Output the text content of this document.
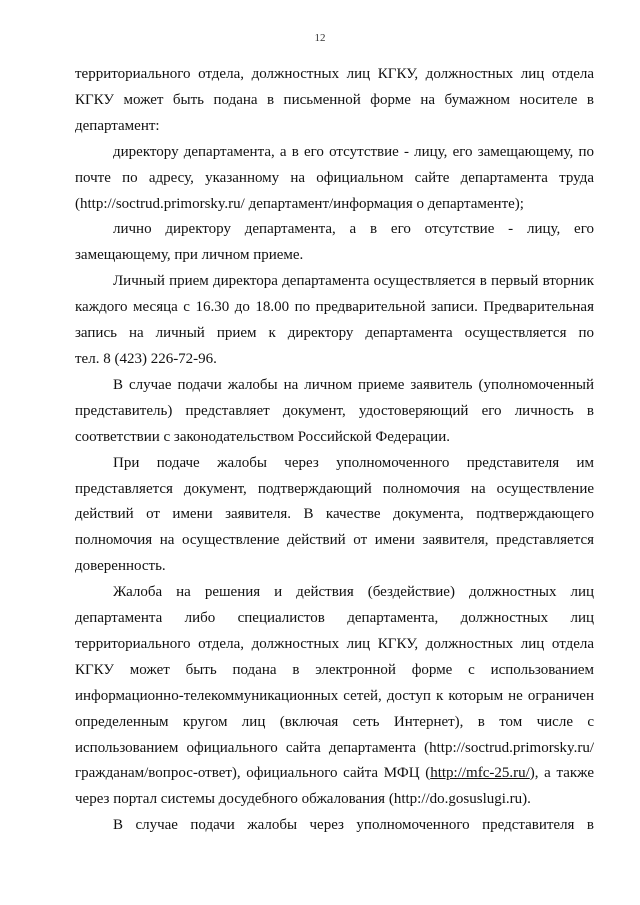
12

территориального отдела, должностных лиц КГКУ, должностных лиц отдела

КГКУ может быть подана в письменной форме на бумажном носителе в

департамент:

директору департамента, а в его отсутствие - лицу, его замещающему, по

почте по адресу, указанному на официальном сайте департамента труда

(http://soctrud.primorsky.ru/ департамент/информация о департаменте);

лично директору департамента, а в его отсутствие - лицу, его

замещающему, при личном приеме.

Личный прием директора департамента осуществляется в первый вторник

каждого месяца с 16.30 до 18.00 по предварительной записи. Предварительная

запись на личный прием к директору департамента осуществляется по

тел. 8 (423) 226-72-96.

В случае подачи жалобы на личном приеме заявитель (уполномоченный

представитель) представляет документ, удостоверяющий его личность в

соответствии с законодательством Российской Федерации.

При подаче жалобы через уполномоченного представителя им

представляется документ, подтверждающий полномочия на осуществление

действий от имени заявителя. В качестве документа, подтверждающего

полномочия на осуществление действий от имени заявителя, представляется

доверенность.

Жалоба на решения и действия (бездействие) должностных лиц

департамента либо специалистов департамента, должностных лиц

территориального отдела, должностных лиц КГКУ, должностных лиц отдела

КГКУ может быть подана в электронной форме с использованием

информационно-телекоммуникационных сетей, доступ к которым не ограничен

определенным кругом лиц (включая сеть Интернет), в том числе с

использованием официального сайта департамента (http://soctrud.primorsky.ru/

гражданам/вопрос-ответ), официального сайта МФЦ (http://mfc-25.ru/), а также

через портал системы досудебного обжалования (http://do.gosuslugi.ru).

В случае подачи жалобы через уполномоченного представителя в
